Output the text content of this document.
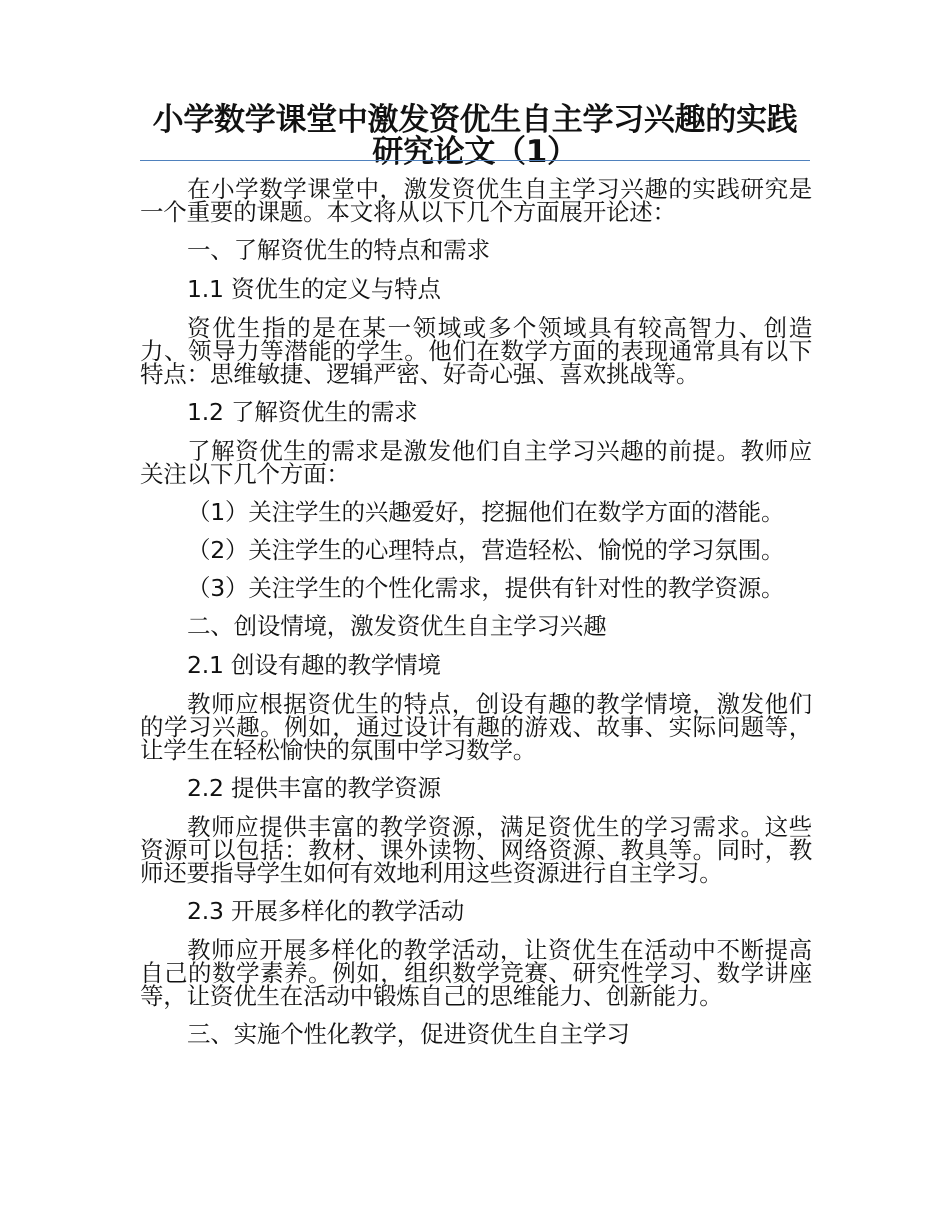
小学数学课堂中激发资优生自主学习兴趣的实践研究论文（1）

在小学数学课堂中，激发资优生自主学习兴趣的实践研究是一个重要的课题。本文将从以下几个方面展开论述：

一、了解资优生的特点和需求

1.1 资优生的定义与特点

资优生指的是在某一领域或多个领域具有较高智力、创造力、领导力等潜能的学生。他们在数学方面的表现通常具有以下特点：思维敏捷、逻辑严密、好奇心强、喜欢挑战等。

1.2 了解资优生的需求

了解资优生的需求是激发他们自主学习兴趣的前提。教师应关注以下几个方面：

（1）关注学生的兴趣爱好，挖掘他们在数学方面的潜能。

（2）关注学生的心理特点，营造轻松、愉悦的学习氛围。

（3）关注学生的个性化需求，提供有针对性的教学资源。

二、创设情境，激发资优生自主学习兴趣

2.1 创设有趣的教学情境

教师应根据资优生的特点，创设有趣的教学情境，激发他们的学习兴趣。例如，通过设计有趣的游戏、故事、实际问题等，让学生在轻松愉快的氛围中学习数学。

2.2 提供丰富的教学资源

教师应提供丰富的教学资源，满足资优生的学习需求。这些资源可以包括：教材、课外读物、网络资源、教具等。同时，教师还要指导学生如何有效地利用这些资源进行自主学习。

2.3 开展多样化的教学活动

教师应开展多样化的教学活动，让资优生在活动中不断提高自己的数学素养。例如，组织数学竞赛、研究性学习、数学讲座等，让资优生在活动中锻炼自己的思维能力、创新能力。

三、实施个性化教学，促进资优生自主学习
